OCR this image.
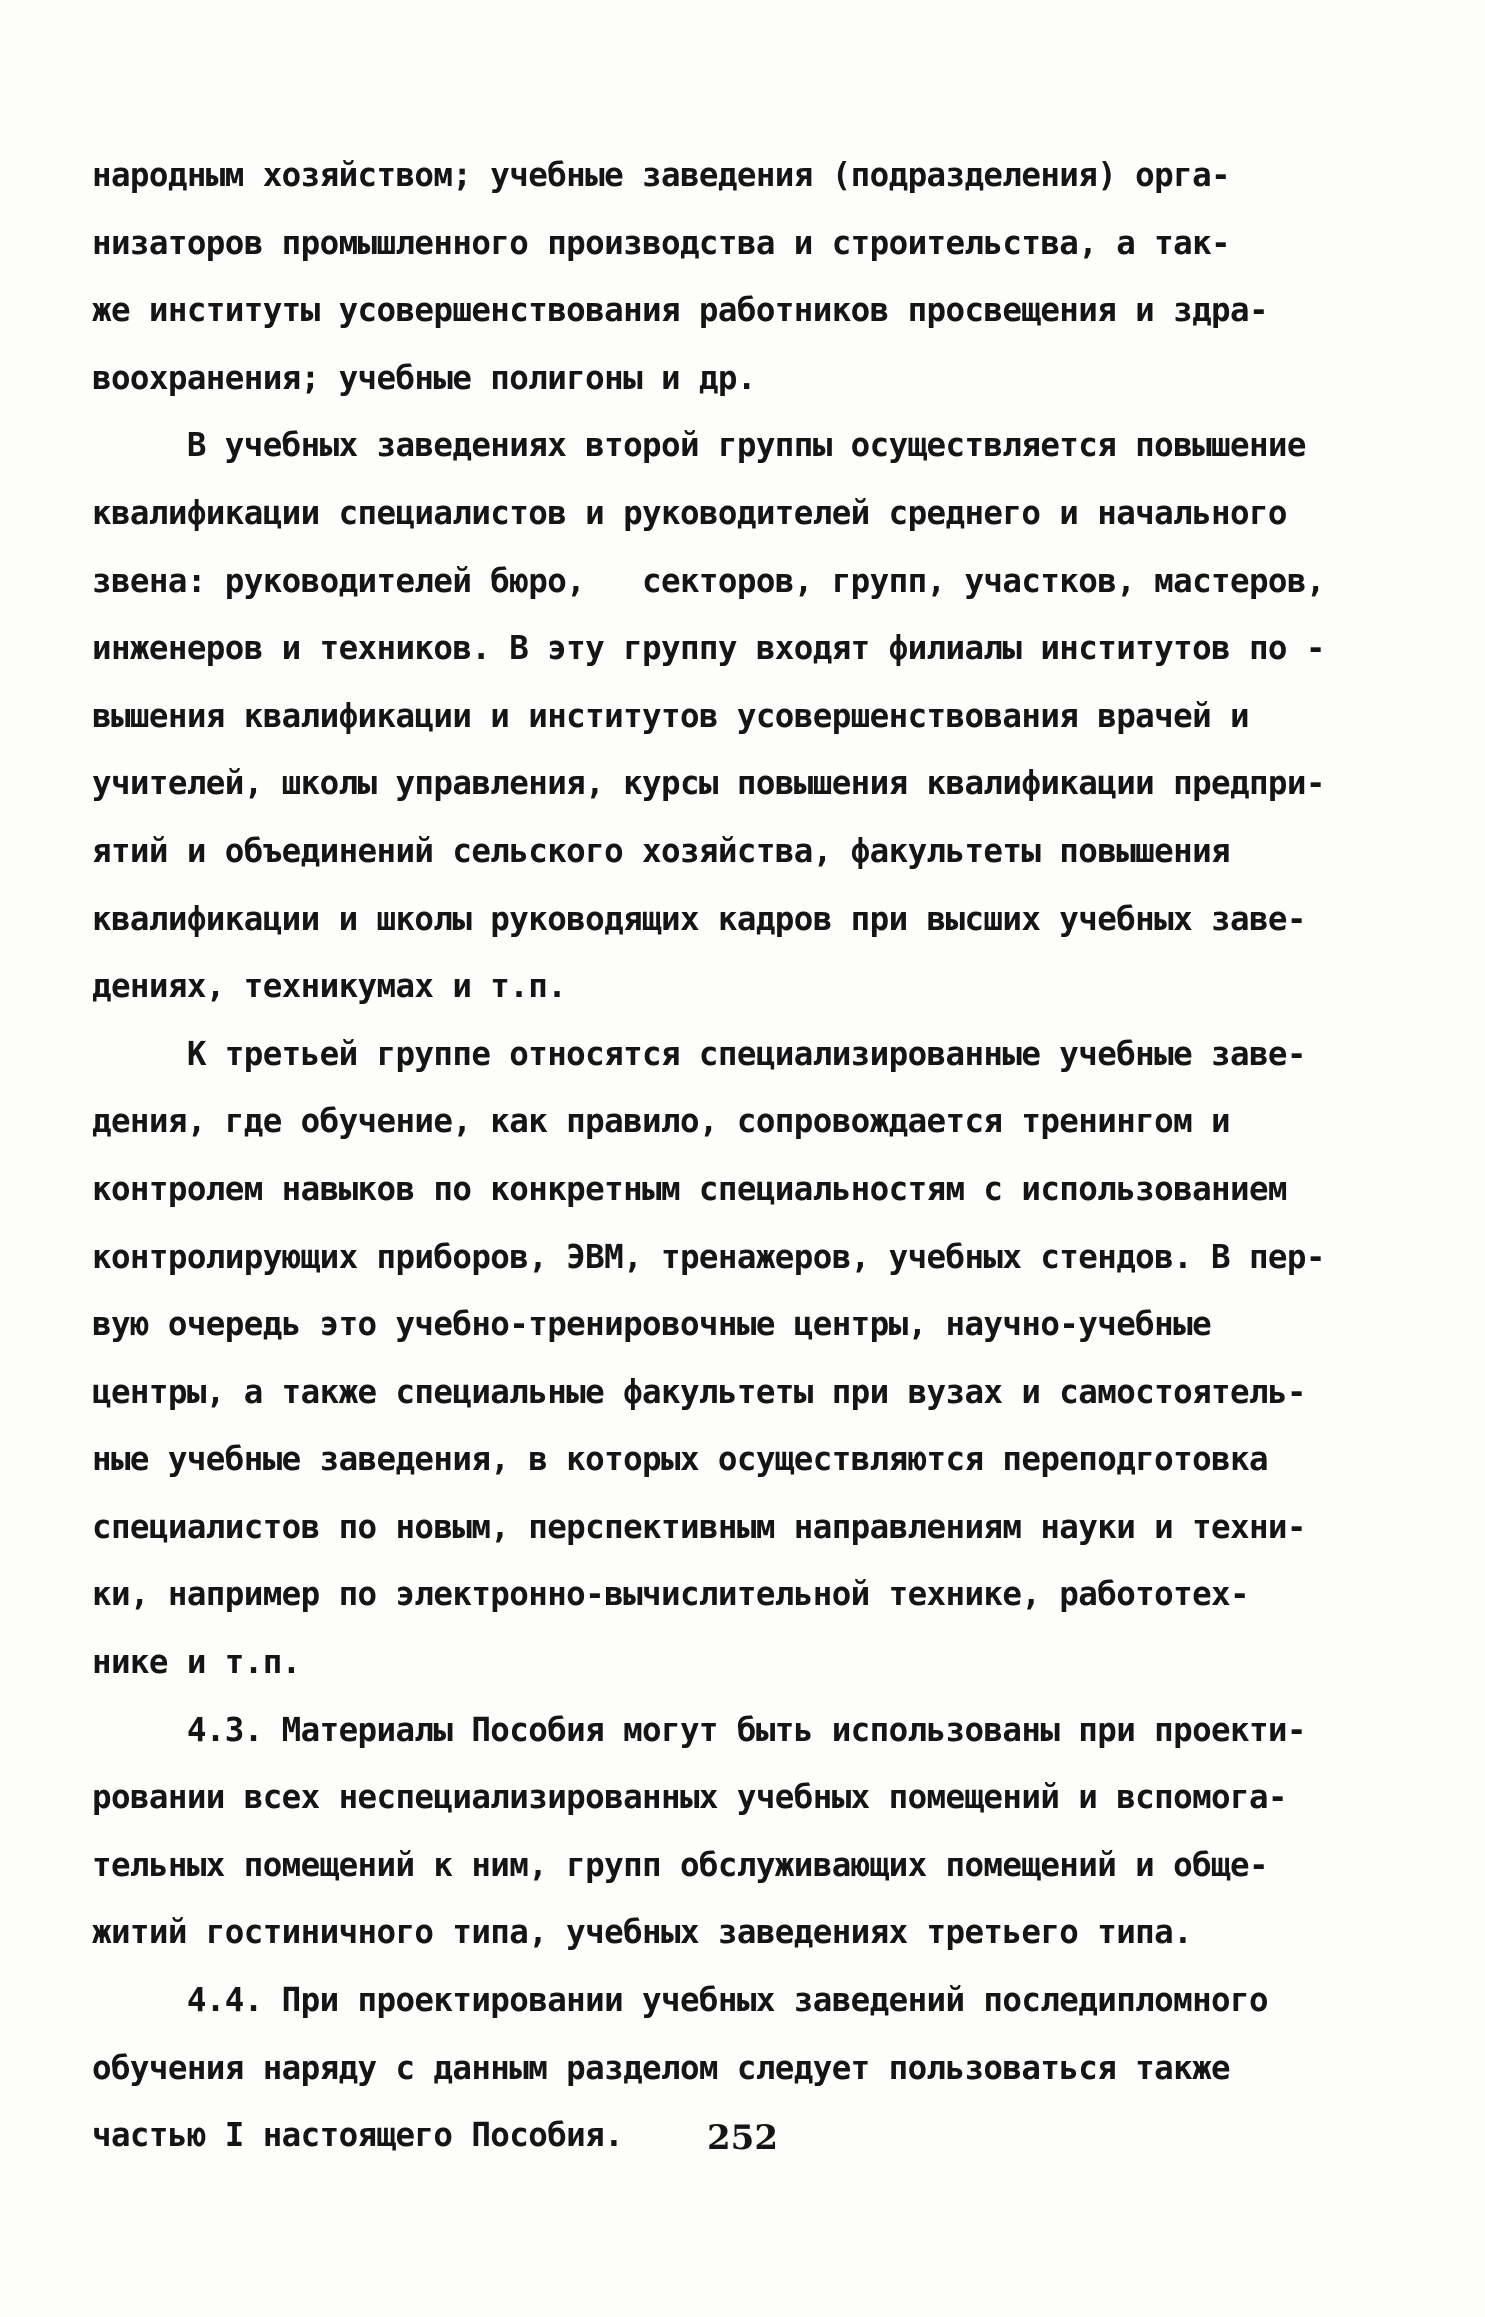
народным хозяйством; учебные заведения (подразделения) орга-
низаторов промышленного производства и строительства, а так-
же институты усовершенствования работников просвещения и здра-
воохранения; учебные полигоны и др.
В учебных заведениях второй группы осуществляется повышение
квалификации специалистов и руководителей среднего и начального
звена: руководителей бюро,   секторов, групп, участков, мастеров,
инженеров и техников. В эту группу входят филиалы институтов по -
вышения квалификации и институтов усовершенствования врачей и
учителей, школы управления, курсы повышения квалификации предпри-
ятий и объединений сельского хозяйства, факультеты повышения
квалификации и школы руководящих кадров при высших учебных заве-
дениях, техникумах и т.п.
К третьей группе относятся специализированные учебные заве-
дения, где обучение, как правило, сопровождается тренингом и
контролем навыков по конкретным специальностям с использованием
контролирующих приборов, ЭВМ, тренажеров, учебных стендов. В пер-
вую очередь это учебно-тренировочные центры, научно-учебные
центры, а также специальные факультеты при вузах и самостоятель-
ные учебные заведения, в которых осуществляются переподготовка
специалистов по новым, перспективным направлениям науки и техни-
ки, например по электронно-вычислительной технике, работотех-
нике и т.п.
4.3. Материалы Пособия могут быть использованы при проекти-
ровании всех неспециализированных учебных помещений и вспомога-
тельных помещений к ним, групп обслуживающих помещений и обще-
житий гостиничного типа, учебных заведениях третьего типа.
4.4. При проектировании учебных заведений последипломного
обучения наряду с данным разделом следует пользоваться также
частью I настоящего Пособия.	252
